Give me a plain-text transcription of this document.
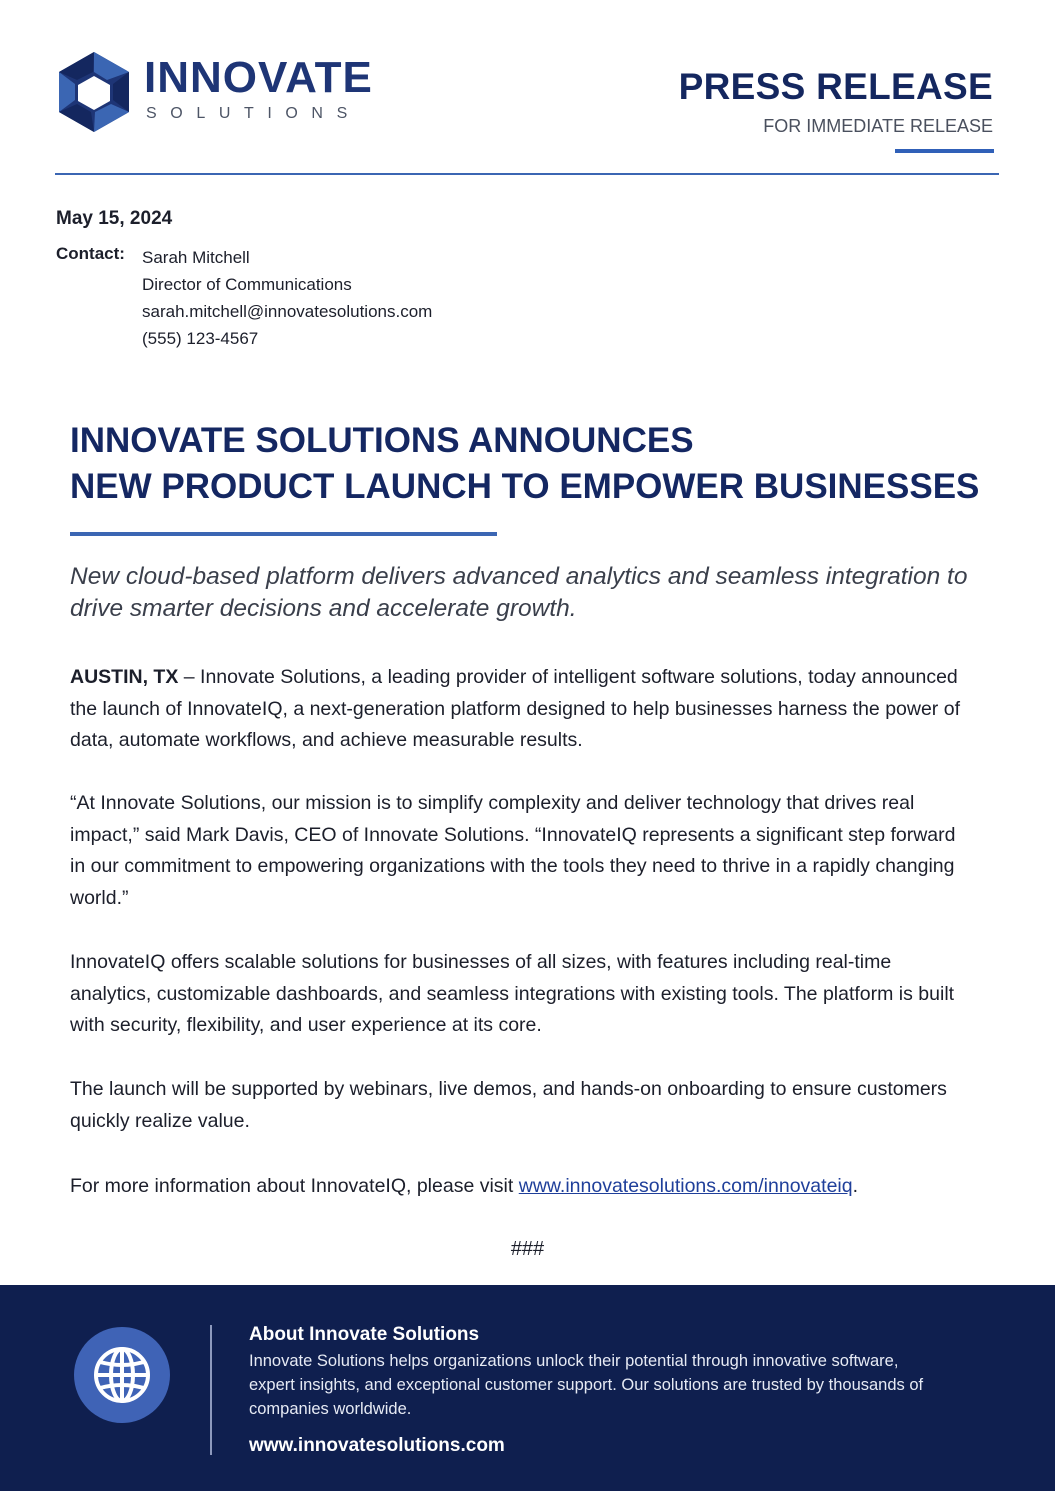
INNOVATE
SOLUTIONS
PRESS RELEASE
FOR IMMEDIATE RELEASE
May 15, 2024
Contact: Sarah Mitchell
Director of Communications
sarah.mitchell@innovatesolutions.com
(555) 123-4567
INNOVATE SOLUTIONS ANNOUNCES
NEW PRODUCT LAUNCH TO EMPOWER BUSINESSES
New cloud-based platform delivers advanced analytics and seamless integration to drive smarter decisions and accelerate growth.
AUSTIN, TX – Innovate Solutions, a leading provider of intelligent software solutions, today announced the launch of InnovateIQ, a next-generation platform designed to help businesses harness the power of data, automate workflows, and achieve measurable results.
“At Innovate Solutions, our mission is to simplify complexity and deliver technology that drives real impact,” said Mark Davis, CEO of Innovate Solutions. “InnovateIQ represents a significant step forward in our commitment to empowering organizations with the tools they need to thrive in a rapidly changing world.”
InnovateIQ offers scalable solutions for businesses of all sizes, with features including real-time analytics, customizable dashboards, and seamless integrations with existing tools. The platform is built with security, flexibility, and user experience at its core.
The launch will be supported by webinars, live demos, and hands-on onboarding to ensure customers quickly realize value.
For more information about InnovateIQ, please visit www.innovatesolutions.com/innovateiq.
###
About Innovate Solutions
Innovate Solutions helps organizations unlock their potential through innovative software, expert insights, and exceptional customer support. Our solutions are trusted by thousands of companies worldwide.
www.innovatesolutions.com
